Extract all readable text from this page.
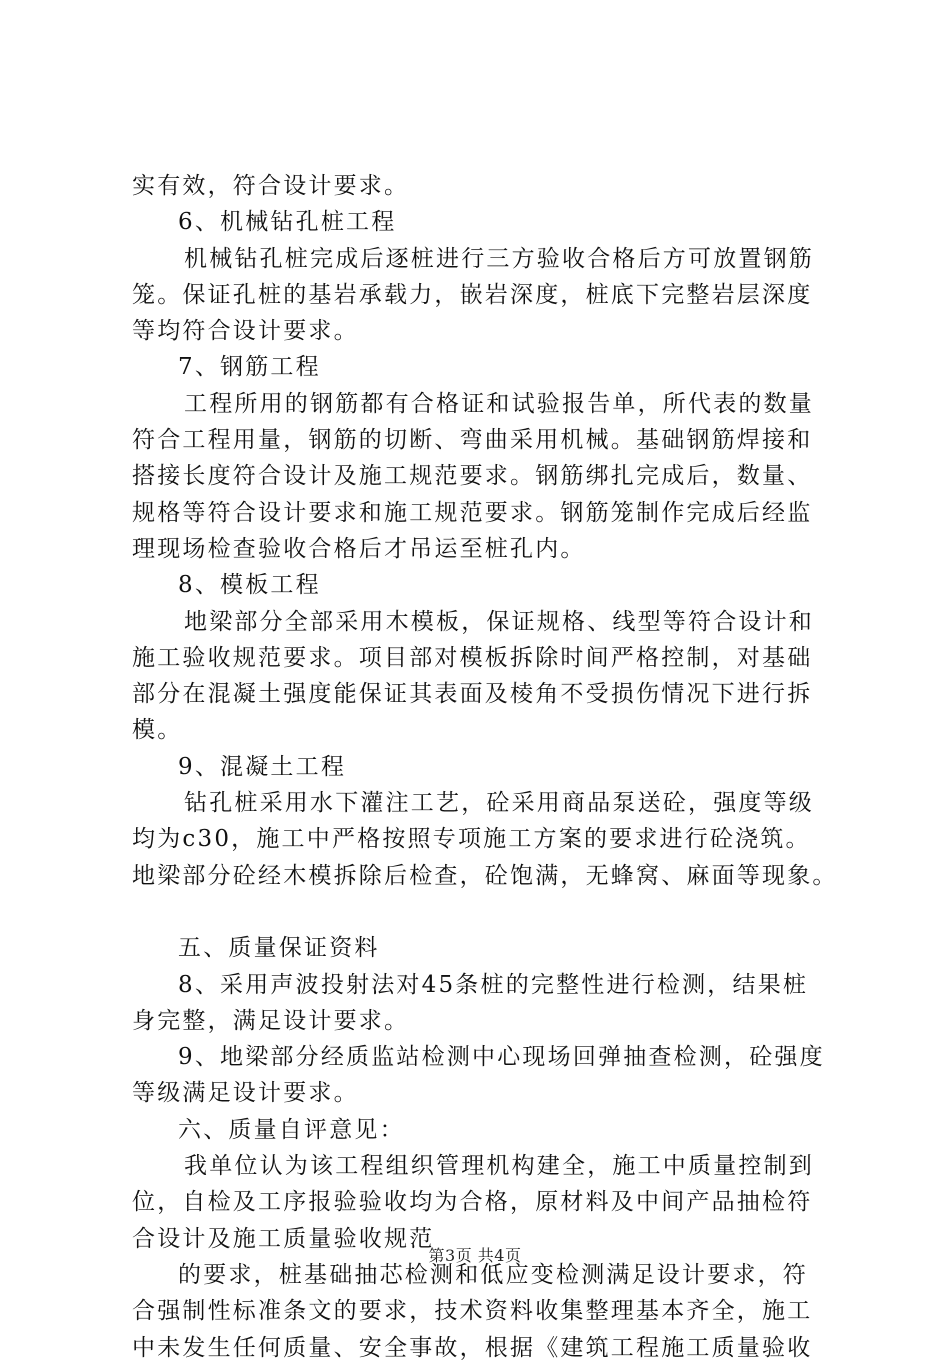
实有效，符合设计要求。
6、机械钻孔桩工程
机械钻孔桩完成后逐桩进行三方验收合格后方可放置钢筋
笼。保证孔桩的基岩承载力，嵌岩深度，桩底下完整岩层深度
等均符合设计要求。
7、钢筋工程
工程所用的钢筋都有合格证和试验报告单，所代表的数量
符合工程用量，钢筋的切断、弯曲采用机械。基础钢筋焊接和
搭接长度符合设计及施工规范要求。钢筋绑扎完成后，数量、
规格等符合设计要求和施工规范要求。钢筋笼制作完成后经监
理现场检查验收合格后才吊运至桩孔内。
8、模板工程
地梁部分全部采用木模板，保证规格、线型等符合设计和
施工验收规范要求。项目部对模板拆除时间严格控制，对基础
部分在混凝土强度能保证其表面及棱角不受损伤情况下进行拆
模。
9、混凝土工程
钻孔桩采用水下灌注工艺，砼采用商品泵送砼，强度等级
均为c30，施工中严格按照专项施工方案的要求进行砼浇筑。
地梁部分砼经木模拆除后检查，砼饱满，无蜂窝、麻面等现象。
五、质量保证资料
8、采用声波投射法对45条桩的完整性进行检测，结果桩
身完整，满足设计要求。
9、地梁部分经质监站检测中心现场回弹抽查检测，砼强度
等级满足设计要求。
六、质量自评意见：
我单位认为该工程组织管理机构建全，施工中质量控制到
位，自检及工序报验验收均为合格，原材料及中间产品抽检符
合设计及施工质量验收规范
的要求，桩基础抽芯检测和低应变检测满足设计要求，符
合强制性标准条文的要求，技术资料收集整理基本齐全，施工
中未发生任何质量、安全事故，根据《建筑工程施工质量验收
第3页 共4页
